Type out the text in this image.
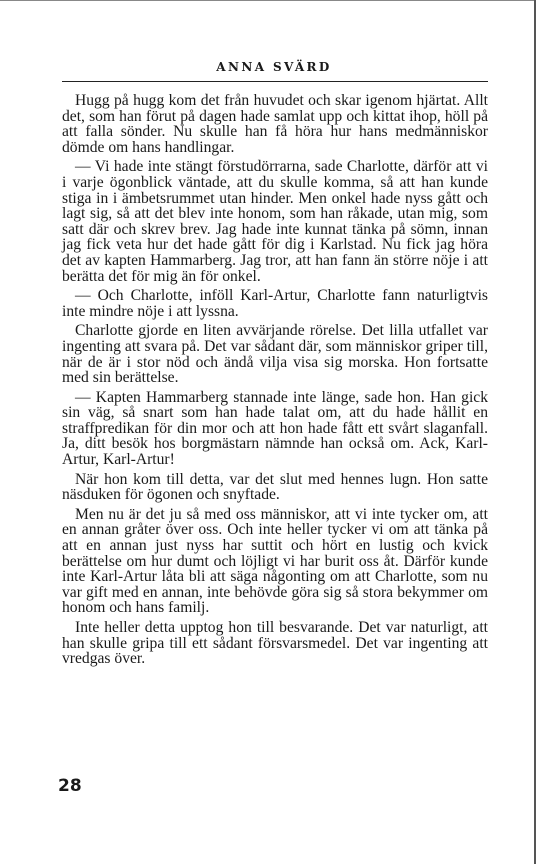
ANNA SVÄRD

Hugg på hugg kom det från huvudet och skar igenom hjärtat. Allt det, som han förut på dagen hade samlat upp och kittat ihop, höll på att falla sönder. Nu skulle han få höra hur hans medmänniskor dömde om hans handlingar.

— Vi hade inte stängt förstudörrarna, sade Charlotte, därför att vi i varje ögonblick väntade, att du skulle komma, så att han kunde stiga in i ämbetsrummet utan hinder. Men onkel hade nyss gått och lagt sig, så att det blev inte honom, som han råkade, utan mig, som satt där och skrev brev. Jag hade inte kunnat tänka på sömn, innan jag fick veta hur det hade gått för dig i Karlstad. Nu fick jag höra det av kapten Hammarberg. Jag tror, att han fann än större nöje i att berätta det för mig än för onkel.

— Och Charlotte, inföll Karl-Artur, Charlotte fann naturligtvis inte mindre nöje i att lyssna.

Charlotte gjorde en liten avvärjande rörelse. Det lilla utfallet var ingenting att svara på. Det var sådant där, som människor griper till, när de är i stor nöd och ändå vilja visa sig morska. Hon fortsatte med sin berättelse.

— Kapten Hammarberg stannade inte länge, sade hon. Han gick sin väg, så snart som han hade talat om, att du hade hållit en straffpredikan för din mor och att hon hade fått ett svårt slaganfall. Ja, ditt besök hos borgmästarn nämnde han också om. Ack, Karl-Artur, Karl-Artur!

När hon kom till detta, var det slut med hennes lugn. Hon satte näsduken för ögonen och snyftade.

Men nu är det ju så med oss människor, att vi inte tycker om, att en annan gråter över oss. Och inte heller tycker vi om att tänka på att en annan just nyss har suttit och hört en lustig och kvick berättelse om hur dumt och löjligt vi har burit oss åt. Därför kunde inte Karl-Artur låta bli att säga någonting om att Charlotte, som nu var gift med en annan, inte behövde göra sig så stora bekymmer om honom och hans familj.

Inte heller detta upptog hon till besvarande. Det var naturligt, att han skulle gripa till ett sådant försvarsmedel. Det var ingenting att vredgas över.

28
